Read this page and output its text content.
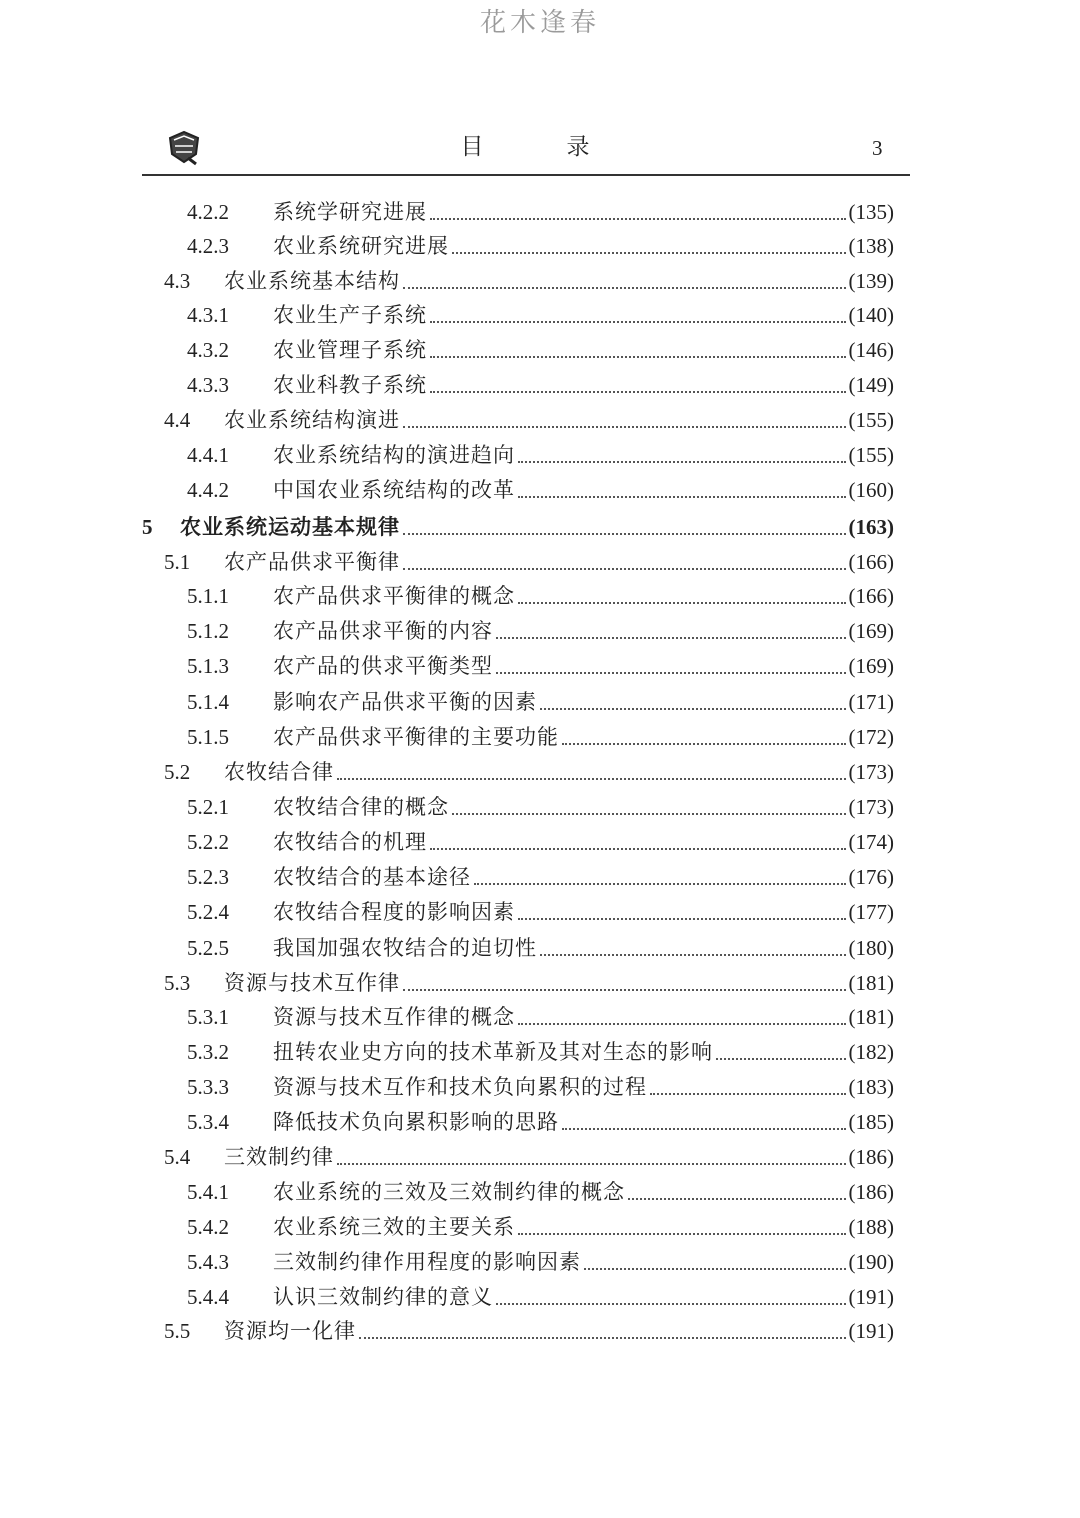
花木逢春
目　录	3
4.2.2	系统学研究进展	(135)
4.2.3	农业系统研究进展	(138)
4.3	农业系统基本结构	(139)
4.3.1	农业生产子系统	(140)
4.3.2	农业管理子系统	(146)
4.3.3	农业科教子系统	(149)
4.4	农业系统结构演进	(155)
4.4.1	农业系统结构的演进趋向	(155)
4.4.2	中国农业系统结构的改革	(160)
5	农业系统运动基本规律	(163)
5.1	农产品供求平衡律	(166)
5.1.1	农产品供求平衡律的概念	(166)
5.1.2	农产品供求平衡的内容	(169)
5.1.3	农产品的供求平衡类型	(169)
5.1.4	影响农产品供求平衡的因素	(171)
5.1.5	农产品供求平衡律的主要功能	(172)
5.2	农牧结合律	(173)
5.2.1	农牧结合律的概念	(173)
5.2.2	农牧结合的机理	(174)
5.2.3	农牧结合的基本途径	(176)
5.2.4	农牧结合程度的影响因素	(177)
5.2.5	我国加强农牧结合的迫切性	(180)
5.3	资源与技术互作律	(181)
5.3.1	资源与技术互作律的概念	(181)
5.3.2	扭转农业史方向的技术革新及其对生态的影响	(182)
5.3.3	资源与技术互作和技术负向累积的过程	(183)
5.3.4	降低技术负向累积影响的思路	(185)
5.4	三效制约律	(186)
5.4.1	农业系统的三效及三效制约律的概念	(186)
5.4.2	农业系统三效的主要关系	(188)
5.4.3	三效制约律作用程度的影响因素	(190)
5.4.4	认识三效制约律的意义	(191)
5.5	资源均一化律	(191)
